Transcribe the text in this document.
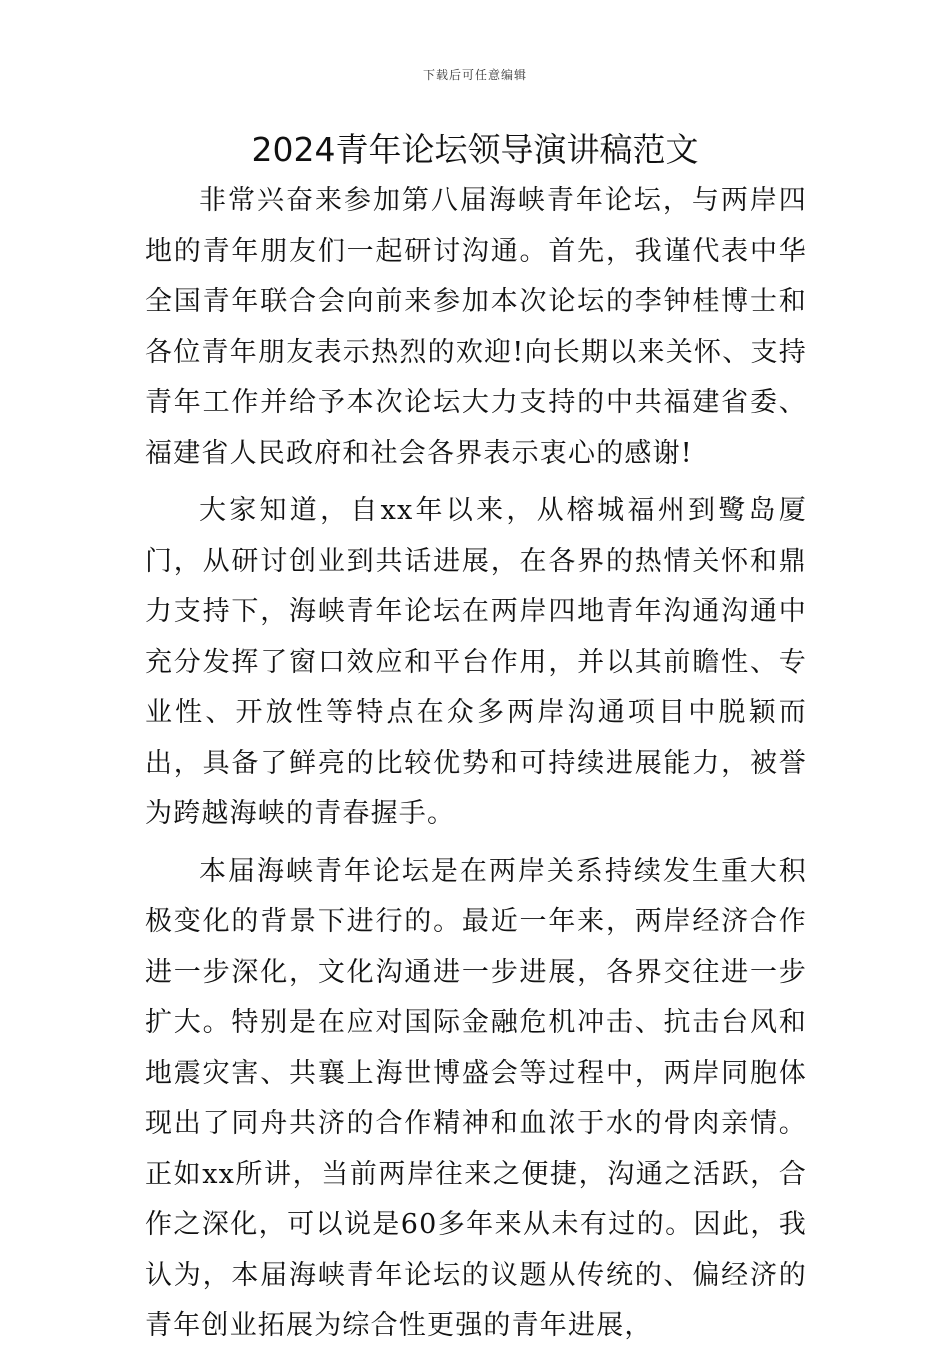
下载后可任意编辑
2024青年论坛领导演讲稿范文

非常兴奋来参加第八届海峡青年论坛，与两岸四地的青年朋友们一起研讨沟通。首先，我谨代表中华全国青年联合会向前来参加本次论坛的李钟桂博士和各位青年朋友表示热烈的欢迎!向长期以来关怀、支持青年工作并给予本次论坛大力支持的中共福建省委、福建省人民政府和社会各界表示衷心的感谢!

大家知道，自xx年以来，从榕城福州到鹭岛厦门，从研讨创业到共话进展，在各界的热情关怀和鼎力支持下，海峡青年论坛在两岸四地青年沟通沟通中充分发挥了窗口效应和平台作用，并以其前瞻性、专业性、开放性等特点在众多两岸沟通项目中脱颖而出，具备了鲜亮的比较优势和可持续进展能力，被誉为跨越海峡的青春握手。

本届海峡青年论坛是在两岸关系持续发生重大积极变化的背景下进行的。最近一年来，两岸经济合作进一步深化，文化沟通进一步进展，各界交往进一步扩大。特别是在应对国际金融危机冲击、抗击台风和地震灾害、共襄上海世博盛会等过程中，两岸同胞体现出了同舟共济的合作精神和血浓于水的骨肉亲情。正如xx所讲，当前两岸往来之便捷，沟通之活跃，合作之深化，可以说是60多年来从未有过的。因此，我认为，本届海峡青年论坛的议题从传统的、偏经济的青年创业拓展为综合性更强的青年进展，
